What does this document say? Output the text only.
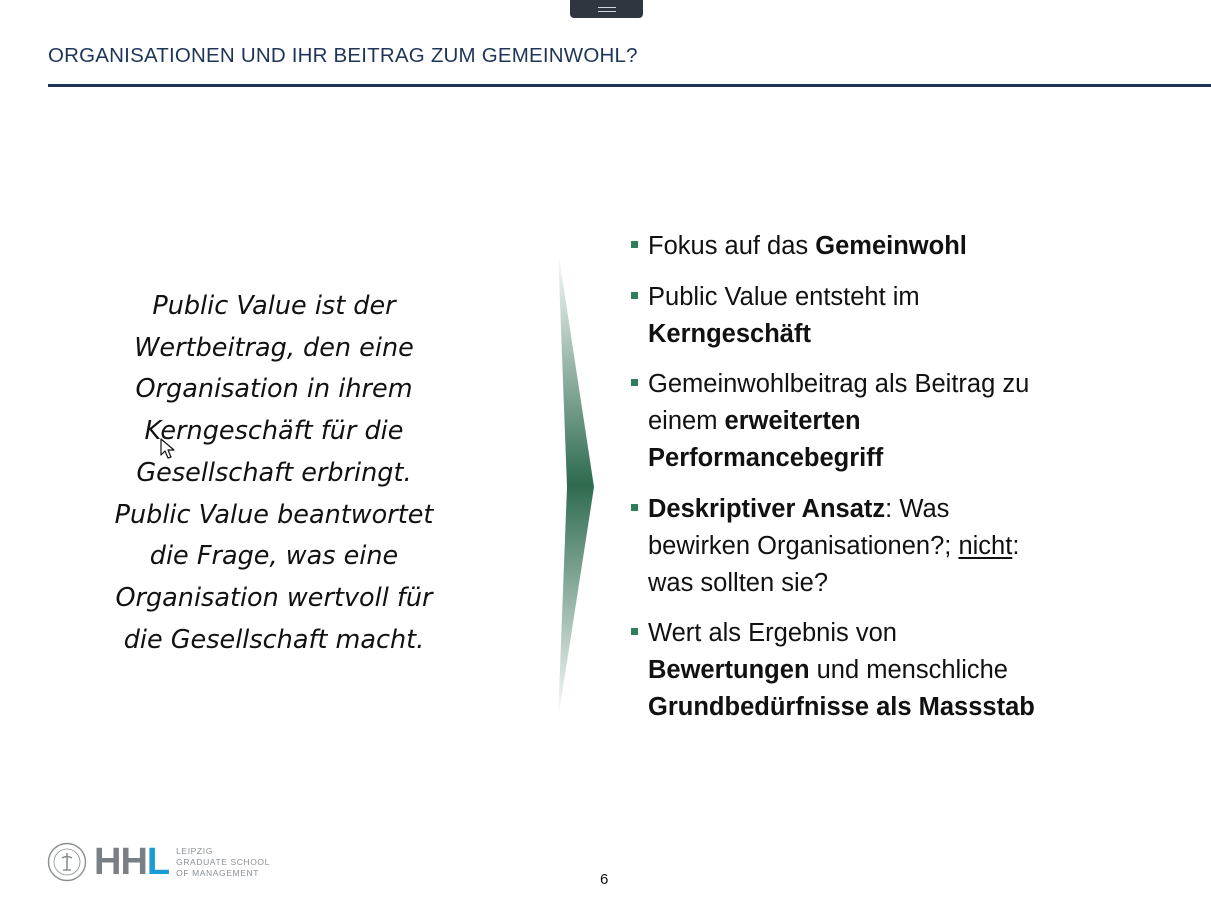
ORGANISATIONEN UND IHR BEITRAG ZUM GEMEINWOHL?
Public Value ist der
Wertbeitrag, den eine
Organisation in ihrem
Kerngeschäft für die
Gesellschaft erbringt.
Public Value beantwortet
die Frage, was eine
Organisation wertvoll für
die Gesellschaft macht.
Fokus auf das Gemeinwohl
Public Value entsteht im
Kerngeschäft
Gemeinwohlbeitrag als Beitrag zu
einem erweiterten
Performancebegriff
Deskriptiver Ansatz: Was
bewirken Organisationen?; nicht:
was sollten sie?
Wert als Ergebnis von
Bewertungen und menschliche
Grundbedürfnisse als Massstab
HHL LEIPZIG
GRADUATE SCHOOL
OF MANAGEMENT	6
